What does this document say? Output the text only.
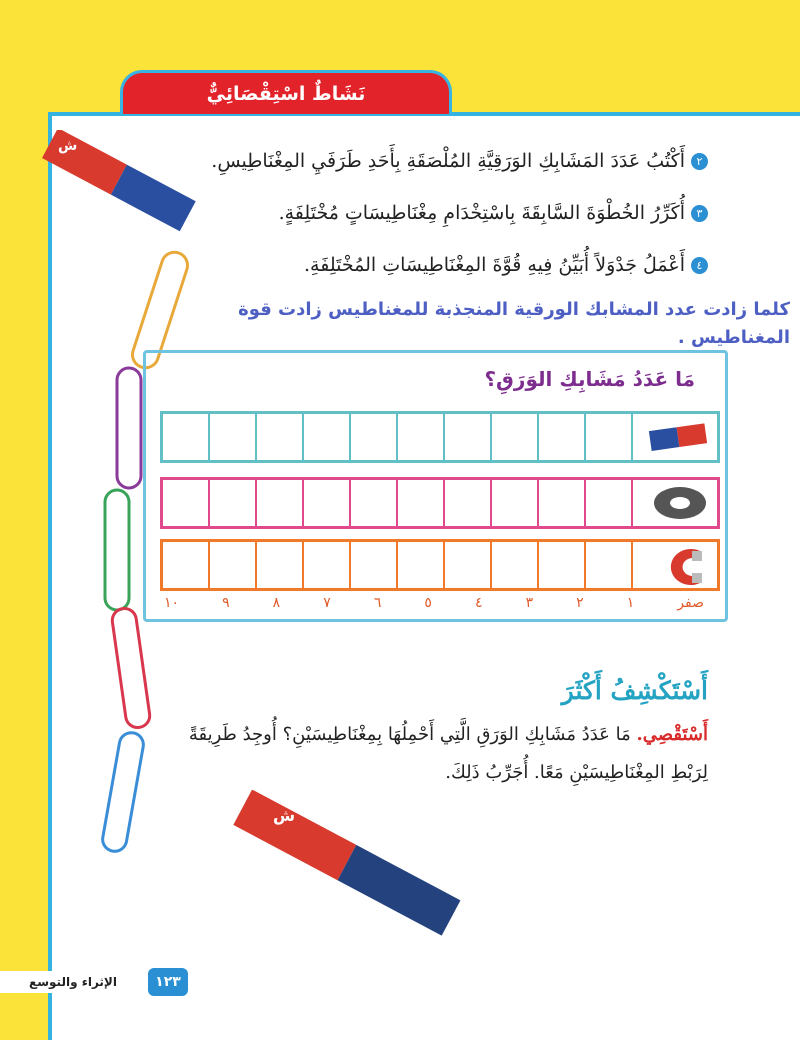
نَشَاطٌ اسْتِقْصَائِيٌّ
ش
ج
٢
أَكْتُبُ عَدَدَ المَشَابِكِ الوَرَقِيَّةِ المُلْصَقَةِ بِأَحَدِ طَرَفَيِ المِغْنَاطِيسِ.
٣
أُكَرِّرُ الخُطْوَةَ السَّابِقَةَ بِاسْتِخْدَامِ مِغْنَاطِيسَاتٍ مُخْتَلِفَةٍ.
٤
أَعْمَلُ جَدْوَلاً أُبَيِّنُ فِيهِ قُوَّةَ المِغْنَاطِيسَاتِ المُخْتَلِفَةِ.
كلما زادت عدد المشابك الورقية المنجذبة للمغناطيس زادت قوة المغناطيس .
مَا عَدَدُ مَشَابِكِ الوَرَقِ؟
١٠	٩	٨	٧	٦	٥	٤	٣	٢	١	صفر
أَسْتَكْشِفُ أَكْثَرَ
أَسْتَقْصِي. مَا عَدَدُ مَشَابِكِ الوَرَقِ الَّتِي أَحْمِلُهَا بِمِغْنَاطِيسَيْنِ؟ أُوجِدُ طَرِيقَةً لِرَبْطِ المِغْنَاطِيسَيْنِ مَعًا. أُجَرِّبُ ذَلِكَ.
ش
ج
الإثراء والتوسع	١٢٣
